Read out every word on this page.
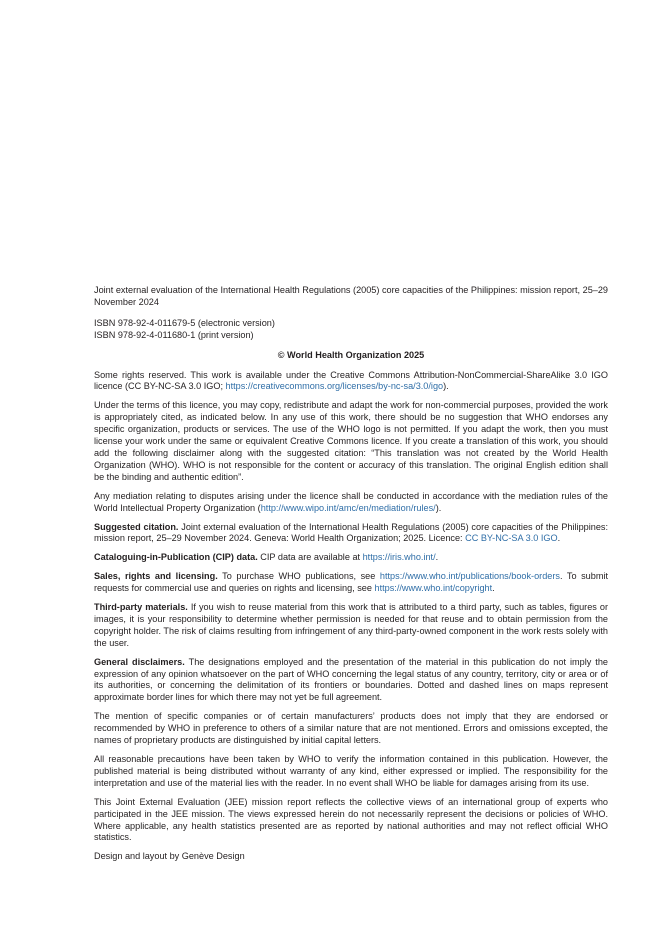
Joint external evaluation of the International Health Regulations (2005) core capacities of the Philippines: mission report, 25–29 November 2024

ISBN 978-92-4-011679-5 (electronic version)

ISBN 978-92-4-011680-1 (print version)

© World Health Organization 2025

Some rights reserved. This work is available under the Creative Commons Attribution-NonCommercial-ShareAlike 3.0 IGO licence (CC BY-NC-SA 3.0 IGO; https://creativecommons.org/licenses/by-nc-sa/3.0/igo).

Under the terms of this licence, you may copy, redistribute and adapt the work for non-commercial purposes, provided the work is appropriately cited, as indicated below. In any use of this work, there should be no suggestion that WHO endorses any specific organization, products or services. The use of the WHO logo is not permitted. If you adapt the work, then you must license your work under the same or equivalent Creative Commons licence. If you create a translation of this work, you should add the following disclaimer along with the suggested citation: “This translation was not created by the World Health Organization (WHO). WHO is not responsible for the content or accuracy of this translation. The original English edition shall be the binding and authentic edition”.

Any mediation relating to disputes arising under the licence shall be conducted in accordance with the mediation rules of the World Intellectual Property Organization (http://www.wipo.int/amc/en/mediation/rules/).

Suggested citation. Joint external evaluation of the International Health Regulations (2005) core capacities of the Philippines: mission report, 25–29 November 2024. Geneva: World Health Organization; 2025. Licence: CC BY-NC-SA 3.0 IGO.

Cataloguing-in-Publication (CIP) data. CIP data are available at https://iris.who.int/.

Sales, rights and licensing. To purchase WHO publications, see https://www.who.int/publications/book-orders. To submit requests for commercial use and queries on rights and licensing, see https://www.who.int/copyright.

Third-party materials. If you wish to reuse material from this work that is attributed to a third party, such as tables, figures or images, it is your responsibility to determine whether permission is needed for that reuse and to obtain permission from the copyright holder. The risk of claims resulting from infringement of any third-party-owned component in the work rests solely with the user.

General disclaimers. The designations employed and the presentation of the material in this publication do not imply the expression of any opinion whatsoever on the part of WHO concerning the legal status of any country, territory, city or area or of its authorities, or concerning the delimitation of its frontiers or boundaries. Dotted and dashed lines on maps represent approximate border lines for which there may not yet be full agreement.

The mention of specific companies or of certain manufacturers’ products does not imply that they are endorsed or recommended by WHO in preference to others of a similar nature that are not mentioned. Errors and omissions excepted, the names of proprietary products are distinguished by initial capital letters.

All reasonable precautions have been taken by WHO to verify the information contained in this publication. However, the published material is being distributed without warranty of any kind, either expressed or implied. The responsibility for the interpretation and use of the material lies with the reader. In no event shall WHO be liable for damages arising from its use.

This Joint External Evaluation (JEE) mission report reflects the collective views of an international group of experts who participated in the JEE mission. The views expressed herein do not necessarily represent the decisions or policies of WHO. Where applicable, any health statistics presented are as reported by national authorities and may not reflect official WHO statistics.

Design and layout by Genève Design
